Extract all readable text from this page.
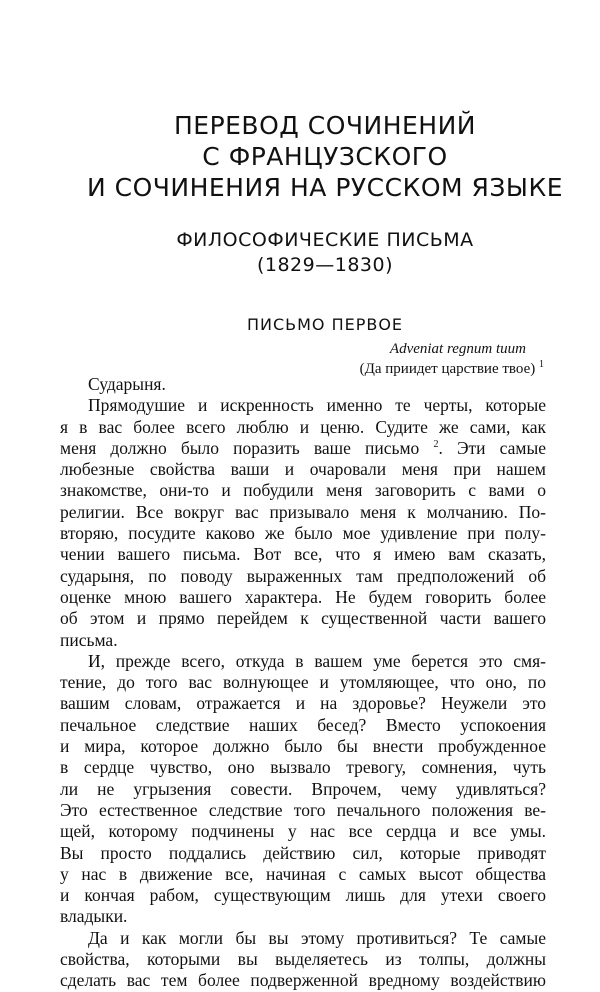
ПЕРЕВОД СОЧИНЕНИЙ
С ФРАНЦУЗСКОГО
И СОЧИНЕНИЯ НА РУССКОМ ЯЗЫКЕ
ФИЛОСОФИЧЕСКИЕ ПИСЬМА
(1829—1830)
ПИСЬМО ПЕРВОЕ
Adveniat regnum tuum
(Да приидет царствие твое) $^1$
Сударыня.
Прямодушие и искренность именно те черты, которые
я в вас более всего люблю и ценю. Судите же сами, как
меня должно было поразить ваше письмо $^2$. Эти самые
любезные свойства ваши и очаровали меня при нашем
знакомстве, они-то и побудили меня заговорить с вами о
религии. Все вокруг вас призывало меня к молчанию. По-
вторяю, посудите каково же было мое удивление при полу-
чении вашего письма. Вот все, что я имею вам сказать,
сударыня, по поводу выраженных там предположений об
оценке мною вашего характера. Не будем говорить более
об этом и прямо перейдем к существенной части вашего
письма.
И, прежде всего, откуда в вашем уме берется это смя-
тение, до того вас волнующее и утомляющее, что оно, по
вашим словам, отражается и на здоровье? Неужели это
печальное следствие наших бесед? Вместо успокоения
и мира, которое должно было бы внести пробужденное
в сердце чувство, оно вызвало тревогу, сомнения, чуть
ли не угрызения совести. Впрочем, чему удивляться?
Это естественное следствие того печального положения ве-
щей, которому подчинены у нас все сердца и все умы.
Вы просто поддались действию сил, которые приводят
у нас в движение все, начиная с самых высот общества
и кончая рабом, существующим лишь для утехи своего
владыки.
Да и как могли бы вы этому противиться? Те самые
свойства, которыми вы выделяетесь из толпы, должны
сделать вас тем более подверженной вредному воздействию
